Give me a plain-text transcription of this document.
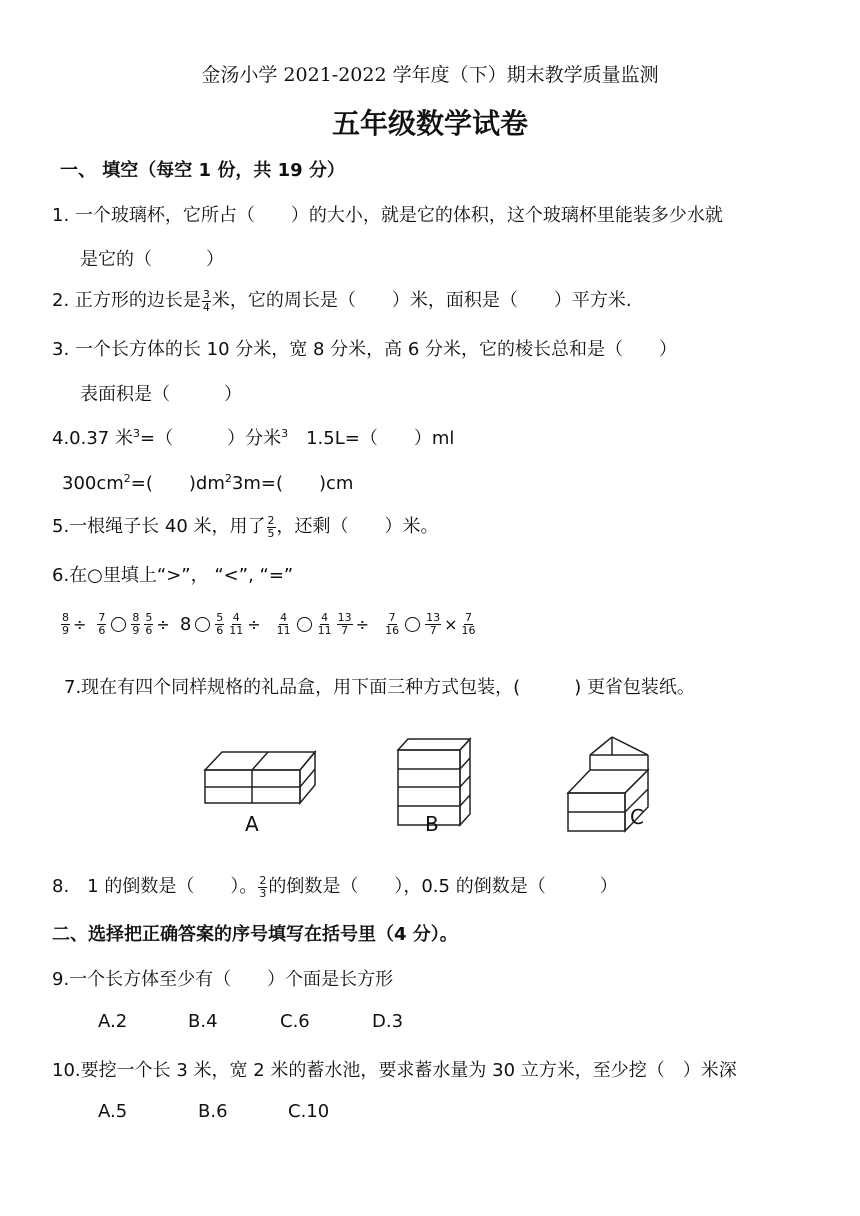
金汤小学 2021-2022 学年度（下）期末教学质量监测
五年级数学试卷
一、 填空（每空 1 份，共 19 分）
1. 一个玻璃杯，它所占（　　）的大小，就是它的体积，这个玻璃杯里能装多少水就
是它的（　　　）
2. 正方形的边长是 $\frac{3}{4}$ 米，它的周长是（　　）米，面积是（　　）平方米.
3. 一个长方体的长 10 分米，宽 8 分米，高 6 分米，它的棱长总和是（　　）
表面积是（　　　）
4.0.37 米$^3$=（　　　）分米$^3$　1.5L=（　　）ml
$300cm^2=$(　　)$dm^23m=$(　　)cm
5.一根绳子长 40 米，用了 $\frac{2}{5}$ ，还剩（　　）米。
6.在○里填上“>”， “<”, “=”
$\frac{8}{9} \div \frac{7}{6} \frac{8}{9} \frac{5}{6} \div 8 \frac{5}{6} \frac{4}{11} \div \frac{4}{11} \frac{4}{11} \frac{13}{7} \div \frac{7}{16} \frac{13}{7} \times \frac{7}{16}$
7.现在有四个同样规格的礼品盒，用下面三种方式包装，(　　　) 更省包装纸。
A	B	C
8.　1 的倒数是（　　）。 $\frac{2}{3}$ 的倒数是（　　），0.5 的倒数是（　　　）
二、选择把正确答案的序号填写在括号里（4 分）。
9.一个长方体至少有（　　）个面是长方形
A.2	B.4	C.6	D.3
10.要挖一个长 3 米，宽 2 米的蓄水池，要求蓄水量为 30 立方米，至少挖（　）米深
A.5	B.6	C.10
